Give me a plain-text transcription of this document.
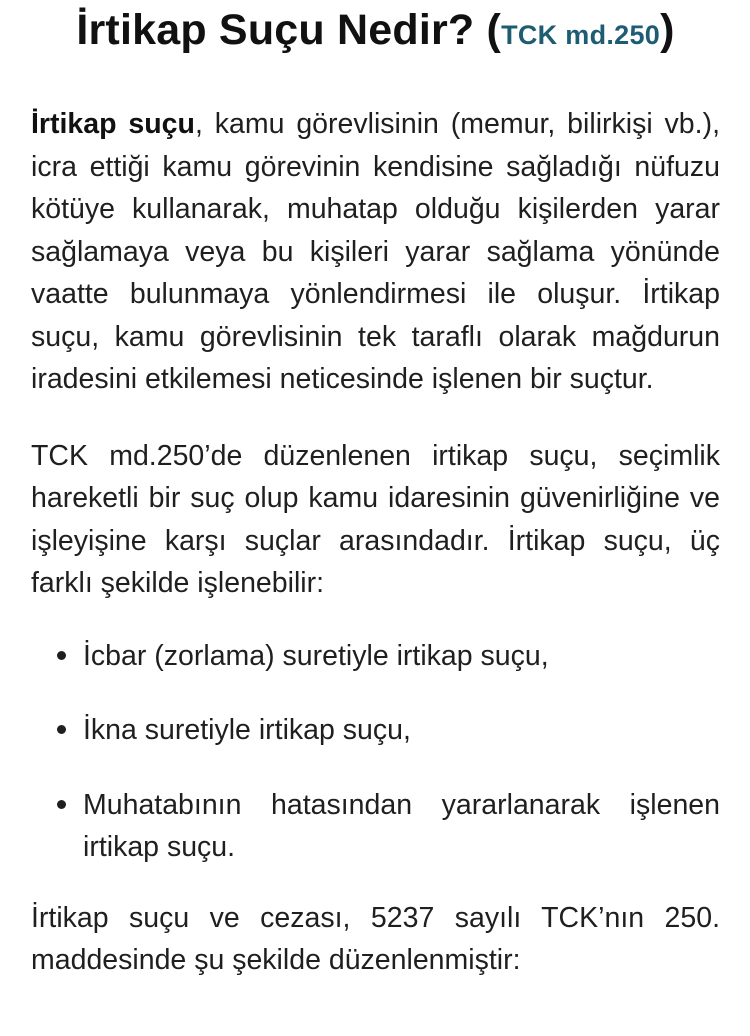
İrtikap Suçu Nedir? (TCK md.250)

İrtikap suçu, kamu görevlisinin (memur, bilirkişi vb.), icra ettiği kamu görevinin kendisine sağladığı nüfuzu kötüye kullanarak, muhatap olduğu kişilerden yarar sağlamaya veya bu kişileri yarar sağlama yönünde vaatte bulunmaya yönlendirmesi ile oluşur. İrtikap suçu, kamu görevlisinin tek taraflı olarak mağdurun iradesini etkilemesi neticesinde işlenen bir suçtur.

TCK md.250’de düzenlenen irtikap suçu, seçimlik hareketli bir suç olup kamu idaresinin güvenirliğine ve işleyişine karşı suçlar arasındadır. İrtikap suçu, üç farklı şekilde işlenebilir:

İcbar (zorlama) suretiyle irtikap suçu,
İkna suretiyle irtikap suçu,
Muhatabının hatasından yararlanarak işlenen irtikap suçu.

İrtikap suçu ve cezası, 5237 sayılı TCK’nın 250. maddesinde şu şekilde düzenlenmiştir:
